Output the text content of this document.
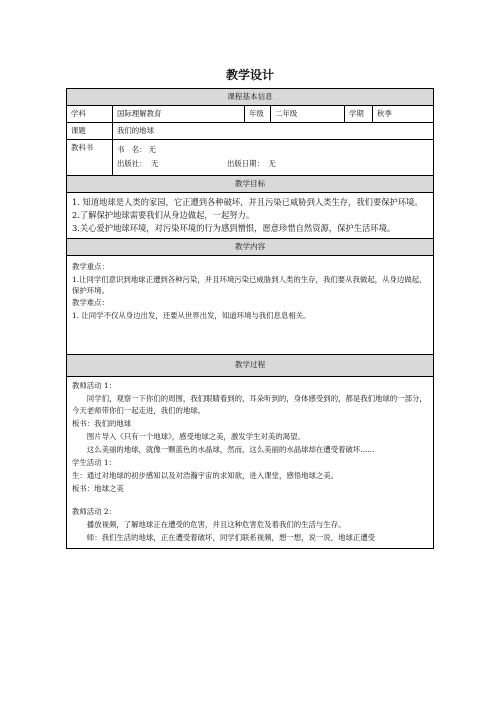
教学设计
课程基本信息
学科	国际理解教育	年级	二年级	学期	秋季
课题	我们的地球
教科书	书　名： 无
出版社： 无	出版日期： 无
教学目标
1. 知道地球是人类的家园，它正遭到各种破坏，并且污染已威胁到人类生存，我们要保护环境。
2.了解保护地球需要我们从身边做起，一起努力。
3.关心爱护地球环境，对污染环境的行为感到憎恨，愿意珍惜自然资源，保护生活环境。
教学内容

教学重点：

1.让同学们意识到地球正遭到各种污染，并且环境污染已威胁到人类的生存，我们要从我做起，从身边做起，保护环境。

教学难点：

1. 让同学不仅从身边出发，还要从世界出发，知道环境与我们息息相关。

教学过程

教师活动 1：

同学们，观察一下你们的周围，我们眼睛看到的，耳朵听到的，身体感受到的，都是我们地球的一部分，今天老师带你们一起走进，我们的地球。

板书：我们的地球

图片导入《只有一个地球》，感受地球之美，激发学生对美的渴望。

这么美丽的地球，就像一颗蓝色的水晶球，然而，这么美丽的水晶球却在遭受着破坏......

学生活动 1：

生：通过对地球的初步感知以及对浩瀚宇宙的求知欲，进入课堂，感悟地球之美。

板书：地球之美

教师活动 2：

播放视频，了解地球正在遭受的危害，并且这种危害危及着我们的生活与生存。

师：我们生活的地球，正在遭受着破坏，同学们联系视频，想一想，说一说，地球正遭受
